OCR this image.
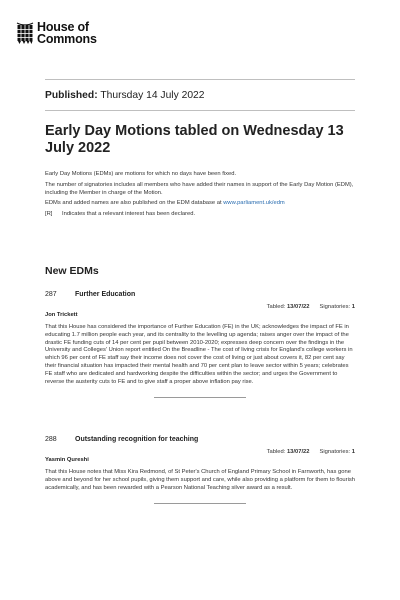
House of
Commons
Published: Thursday 14 July 2022
Early Day Motions tabled on Wednesday 13 July 2022

Early Day Motions (EDMs) are motions for which no days have been fixed.

The number of signatories includes all members who have added their names in support of the Early Day Motion (EDM), including the Member in charge of the Motion.

EDMs and added names are also published on the EDM database at www.parliament.uk/edm

[R] Indicates that a relevant interest has been declared.

New EDMs
287	Further Education
Tabled: 13/07/22 Signatories: 1
Jon Trickett
That this House has considered the importance of Further Education (FE) in the UK; acknowledges the impact of FE in educating 1.7 million people each year, and its centrality to the levelling up agenda; raises anger over the impact of the drastic FE funding cuts of 14 per cent per pupil between 2010-2020; expresses deep concern over the findings in the University and Colleges' Union report entitled On the Breadline - The cost of living crisis for England's college workers in which 96 per cent of FE staff say their income does not cover the cost of living or just about covers it, 82 per cent say their financial situation has impacted their mental health and 70 per cent plan to leave sector within 5 years; celebrates FE staff who are dedicated and hardworking despite the difficulties within the sector; and urges the Government to reverse the austerity cuts to FE and to give staff a proper above inflation pay rise.
288	Outstanding recognition for teaching
Tabled: 13/07/22 Signatories: 1
Yasmin Qureshi
That this House notes that Miss Kira Redmond, of St Peter's Church of England Primary School in Farnworth, has gone above and beyond for her school pupils, giving them support and care, while also providing a platform for them to flourish academically, and has been rewarded with a Pearson National Teaching silver award as a result.
